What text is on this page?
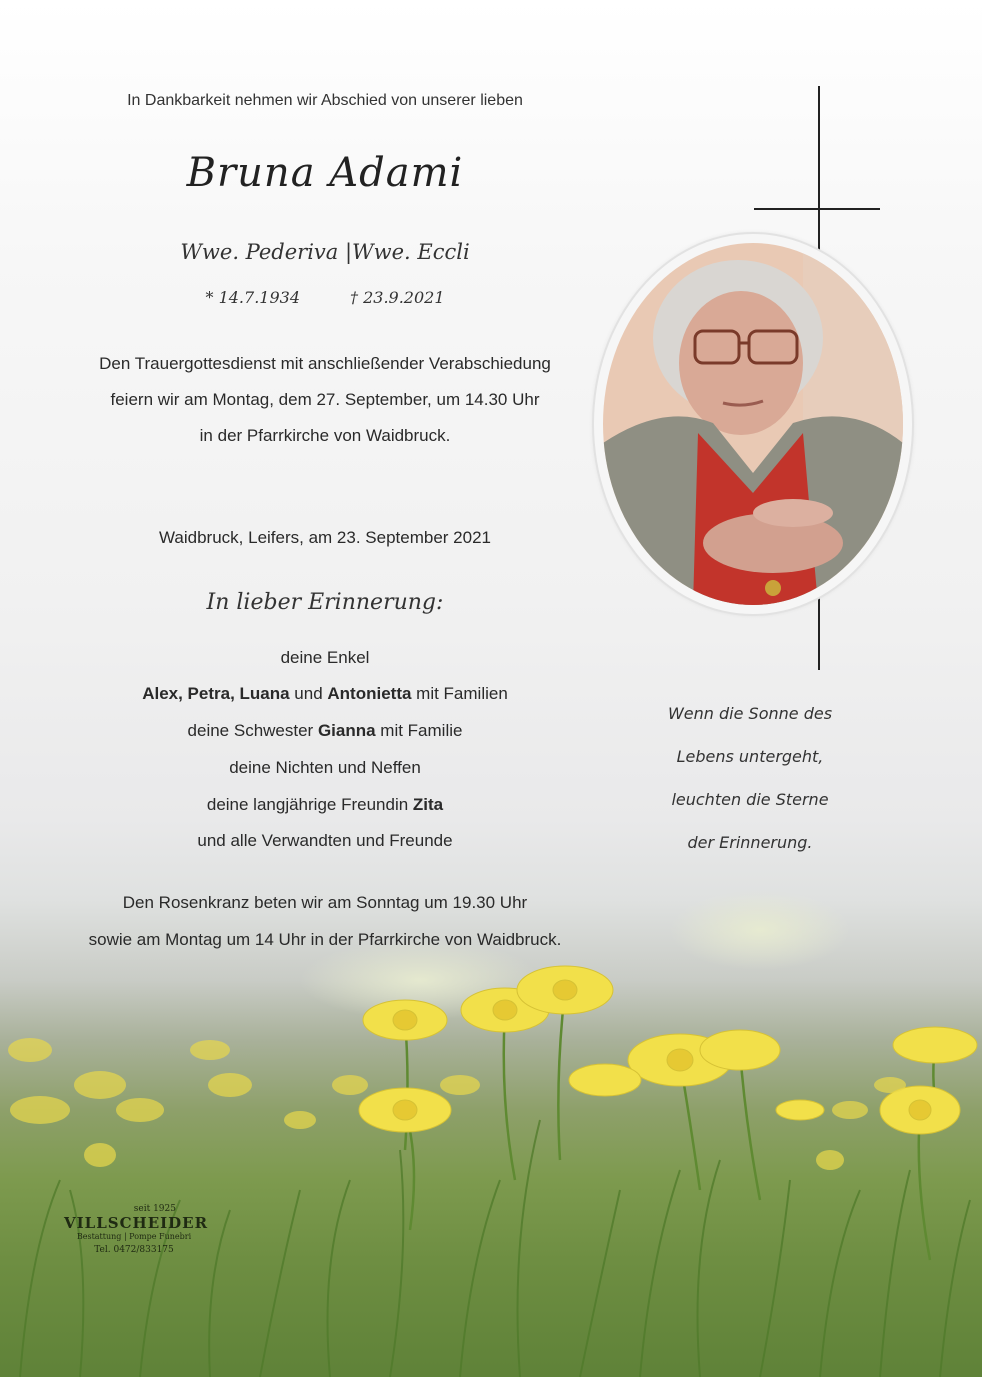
In Dankbarkeit nehmen wir Abschied von unserer lieben
Bruna Adami
Wwe. Pederiva |Wwe. Eccli
* 14.7.1934	† 23.9.2021
Den Trauergottesdienst mit anschließender Verabschiedung
feiern wir am Montag, dem 27. September, um 14.30 Uhr
in der Pfarrkirche von Waidbruck.
Waidbruck, Leifers, am 23. September 2021
In lieber Erinnerung:
deine Enkel
Alex, Petra, Luana und Antonietta mit Familien
deine Schwester Gianna mit Familie
deine Nichten und Neffen
deine langjährige Freundin Zita
und alle Verwandten und Freunde
Den Rosenkranz beten wir am Sonntag um 19.30 Uhr
sowie am Montag um 14 Uhr in der Pfarrkirche von Waidbruck.
Wenn die Sonne des
Lebens untergeht,
leuchten die Sterne
der Erinnerung.
seit 1925
VILLSCHEIDER
Bestattung | Pompe Funebri
Tel. 0472/833175
